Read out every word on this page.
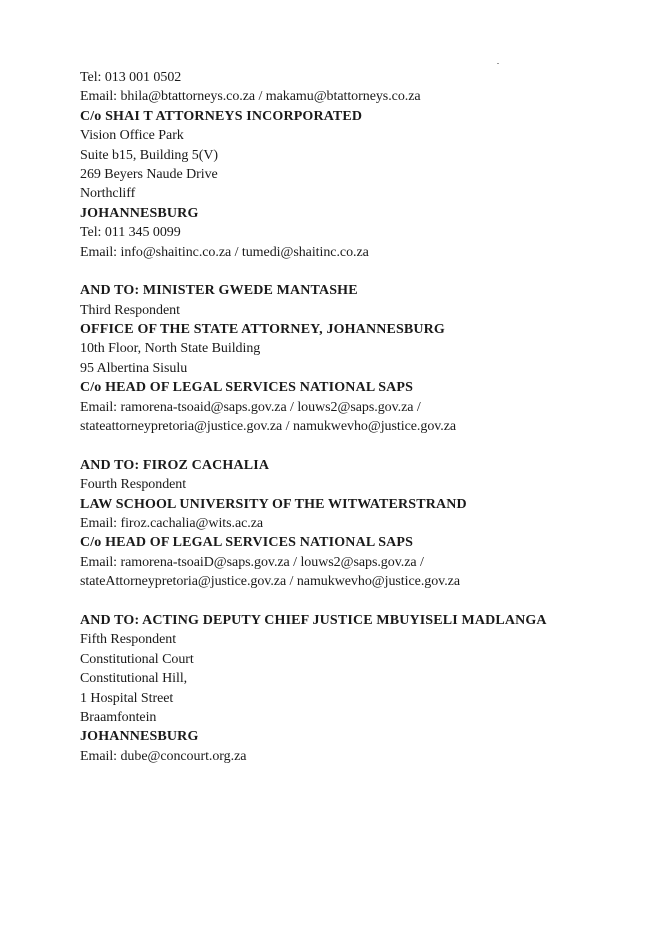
Tel: 013 001 0502
Email: bhila@btattorneys.co.za / makamu@btattorneys.co.za
C/o SHAI T ATTORNEYS INCORPORATED
Vision Office Park
Suite b15, Building 5(V)
269 Beyers Naude Drive
Northcliff
JOHANNESBURG
Tel: 011 345 0099
Email: info@shaitinc.co.za / tumedi@shaitinc.co.za
AND TO: MINISTER GWEDE MANTASHE
Third Respondent
OFFICE OF THE STATE ATTORNEY, JOHANNESBURG
10th Floor, North State Building
95 Albertina Sisulu
C/o HEAD OF LEGAL SERVICES NATIONAL SAPS
Email: ramorena-tsoaid@saps.gov.za / louws2@saps.gov.za /
stateattorneypretoria@justice.gov.za / namukwevho@justice.gov.za
AND TO: FIROZ CACHALIA
Fourth Respondent
LAW SCHOOL UNIVERSITY OF THE WITWATERSTRAND
Email: firoz.cachalia@wits.ac.za
C/o HEAD OF LEGAL SERVICES NATIONAL SAPS
Email: ramorena-tsoaiD@saps.gov.za / louws2@saps.gov.za /
stateAttorneypretoria@justice.gov.za / namukwevho@justice.gov.za
AND TO: ACTING DEPUTY CHIEF JUSTICE MBUYISELI MADLANGA
Fifth Respondent
Constitutional Court
Constitutional Hill,
1 Hospital Street
Braamfontein
JOHANNESBURG
Email: dube@concourt.org.za
